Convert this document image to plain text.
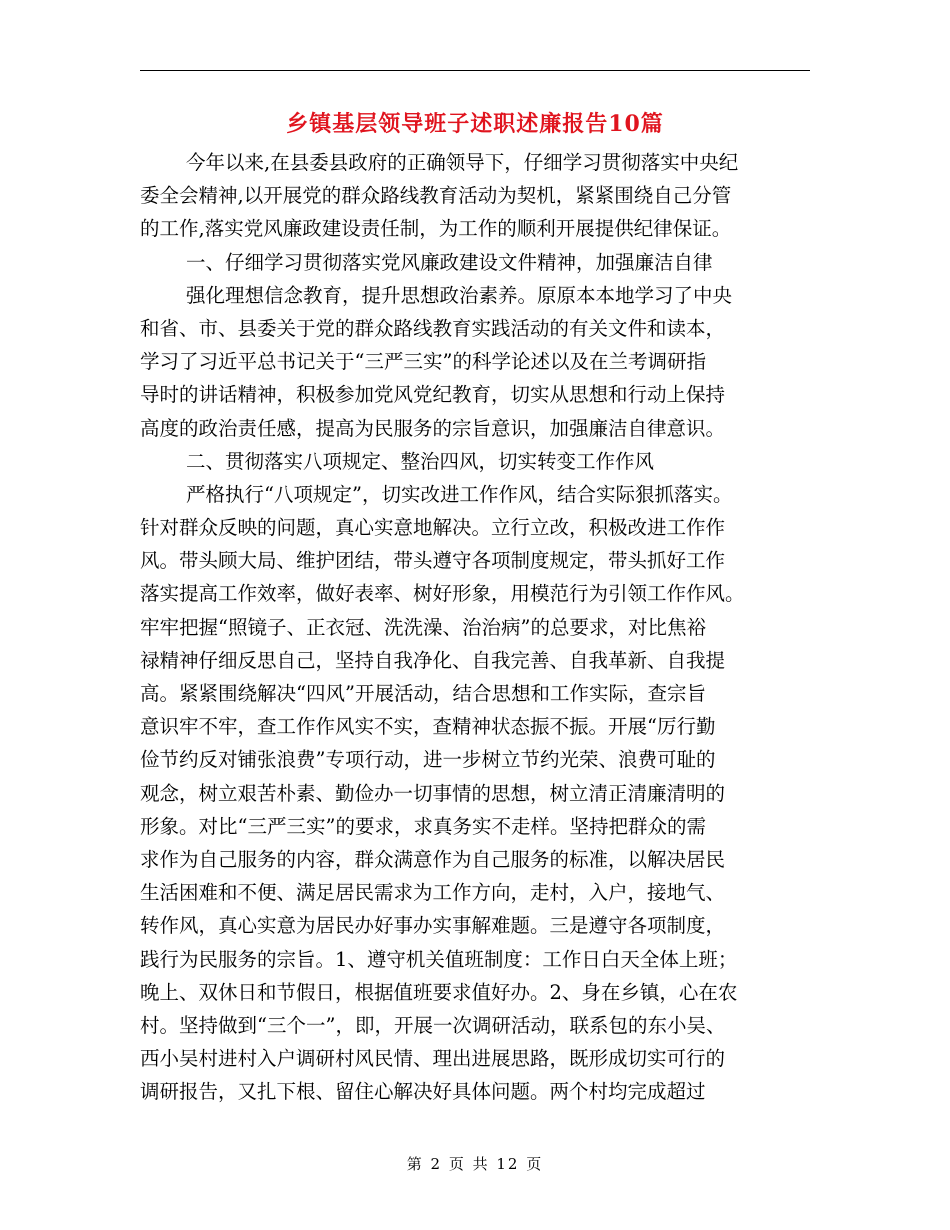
乡镇基层领导班子述职述廉报告10篇
今年以来,在县委县政府的正确领导下，仔细学习贯彻落实中央纪
委全会精神,以开展党的群众路线教育活动为契机，紧紧围绕自己分管
的工作,落实党风廉政建设责任制，为工作的顺利开展提供纪律保证。
一、仔细学习贯彻落实党风廉政建设文件精神，加强廉洁自律
强化理想信念教育，提升思想政治素养。原原本本地学习了中央
和省、市、县委关于党的群众路线教育实践活动的有关文件和读本，
学习了习近平总书记关于“三严三实”的科学论述以及在兰考调研指
导时的讲话精神，积极参加党风党纪教育，切实从思想和行动上保持
高度的政治责任感，提高为民服务的宗旨意识，加强廉洁自律意识。
二、贯彻落实八项规定、整治四风，切实转变工作作风
严格执行“八项规定”，切实改进工作作风，结合实际狠抓落实。
针对群众反映的问题，真心实意地解决。立行立改，积极改进工作作
风。带头顾大局、维护团结，带头遵守各项制度规定，带头抓好工作
落实提高工作效率，做好表率、树好形象，用模范行为引领工作作风。
牢牢把握“照镜子、正衣冠、洗洗澡、治治病”的总要求，对比焦裕
禄精神仔细反思自己，坚持自我净化、自我完善、自我革新、自我提
高。紧紧围绕解决“四风”开展活动，结合思想和工作实际，查宗旨
意识牢不牢，查工作作风实不实，查精神状态振不振。开展“厉行勤
俭节约反对铺张浪费”专项行动，进一步树立节约光荣、浪费可耻的
观念，树立艰苦朴素、勤俭办一切事情的思想，树立清正清廉清明的
形象。对比“三严三实”的要求，求真务实不走样。坚持把群众的需
求作为自己服务的内容，群众满意作为自己服务的标准，以解决居民
生活困难和不便、满足居民需求为工作方向，走村，入户，接地气、
转作风，真心实意为居民办好事办实事解难题。三是遵守各项制度，
践行为民服务的宗旨。1、遵守机关值班制度：工作日白天全体上班；
晚上、双休日和节假日，根据值班要求值好办。2、身在乡镇，心在农
村。坚持做到“三个一”，即，开展一次调研活动，联系包的东小吴、
西小吴村进村入户调研村风民情、理出进展思路，既形成切实可行的
调研报告，又扎下根、留住心解决好具体问题。两个村均完成超过
第 2 页 共 12 页
